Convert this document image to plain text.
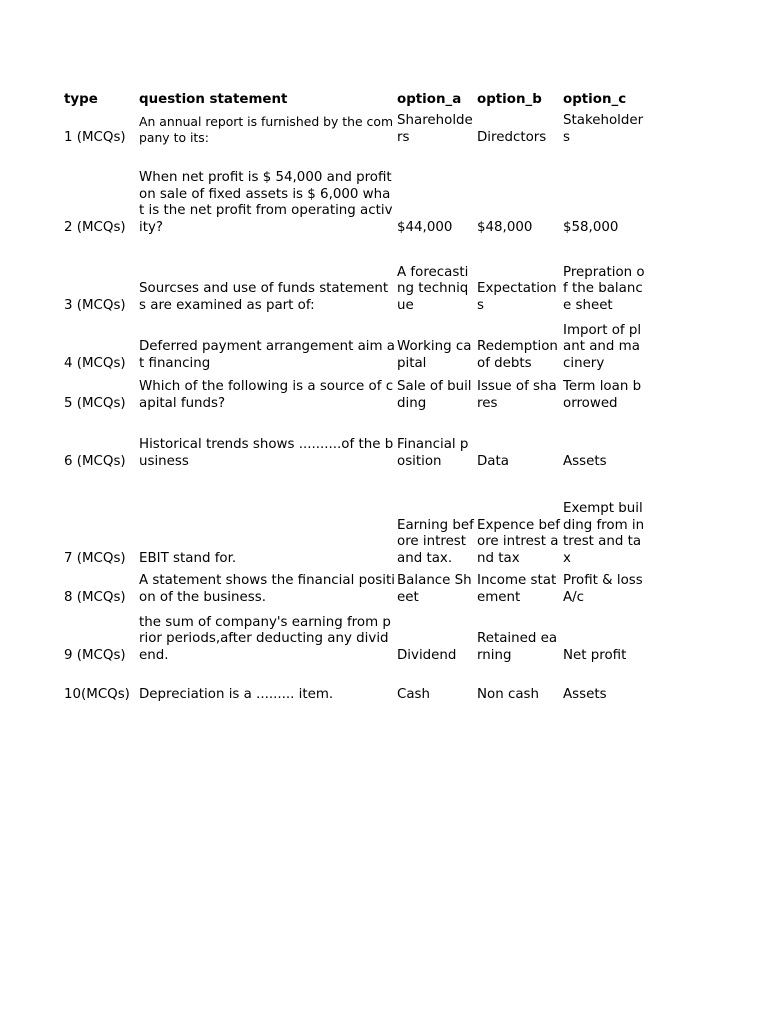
type	question statement	option_a	option_b	option_c
1 (MCQs)	An annual report is furnished by the company to its:	Shareholders	Diredctors	Stakeholders
2 (MCQs)	When net profit is $ 54,000 and profit on sale of fixed assets is $ 6,000 what is the net profit from operating activity?	$44,000	$48,000	$58,000
3 (MCQs)	Sourcses and use of funds statements are examined as part of:	A forecasting technique	Expectations	Prepration of the balance sheet
4 (MCQs)	Deferred payment arrangement aim at financing	Working capital	Redemption of debts	Import of plant and macinery
5 (MCQs)	Which of the following is a source of capital funds?	Sale of building	Issue of shares	Term loan borrowed
6 (MCQs)	Historical trends shows ..........of the business	Financial position	Data	Assets
7 (MCQs)	EBIT stand for.	Earning before intrest and tax.	Expence before intrest and tax	Exempt building from intrest and tax
8 (MCQs)	A statement shows the financial position of the business.	Balance Sheet	Income statement	Profit & loss A/c
9 (MCQs)	the sum of company's earning from prior periods,after deducting any dividend.	Dividend	Retained earning	Net profit
10(MCQs)	Depreciation is a ......... item.	Cash	Non cash	Assets
